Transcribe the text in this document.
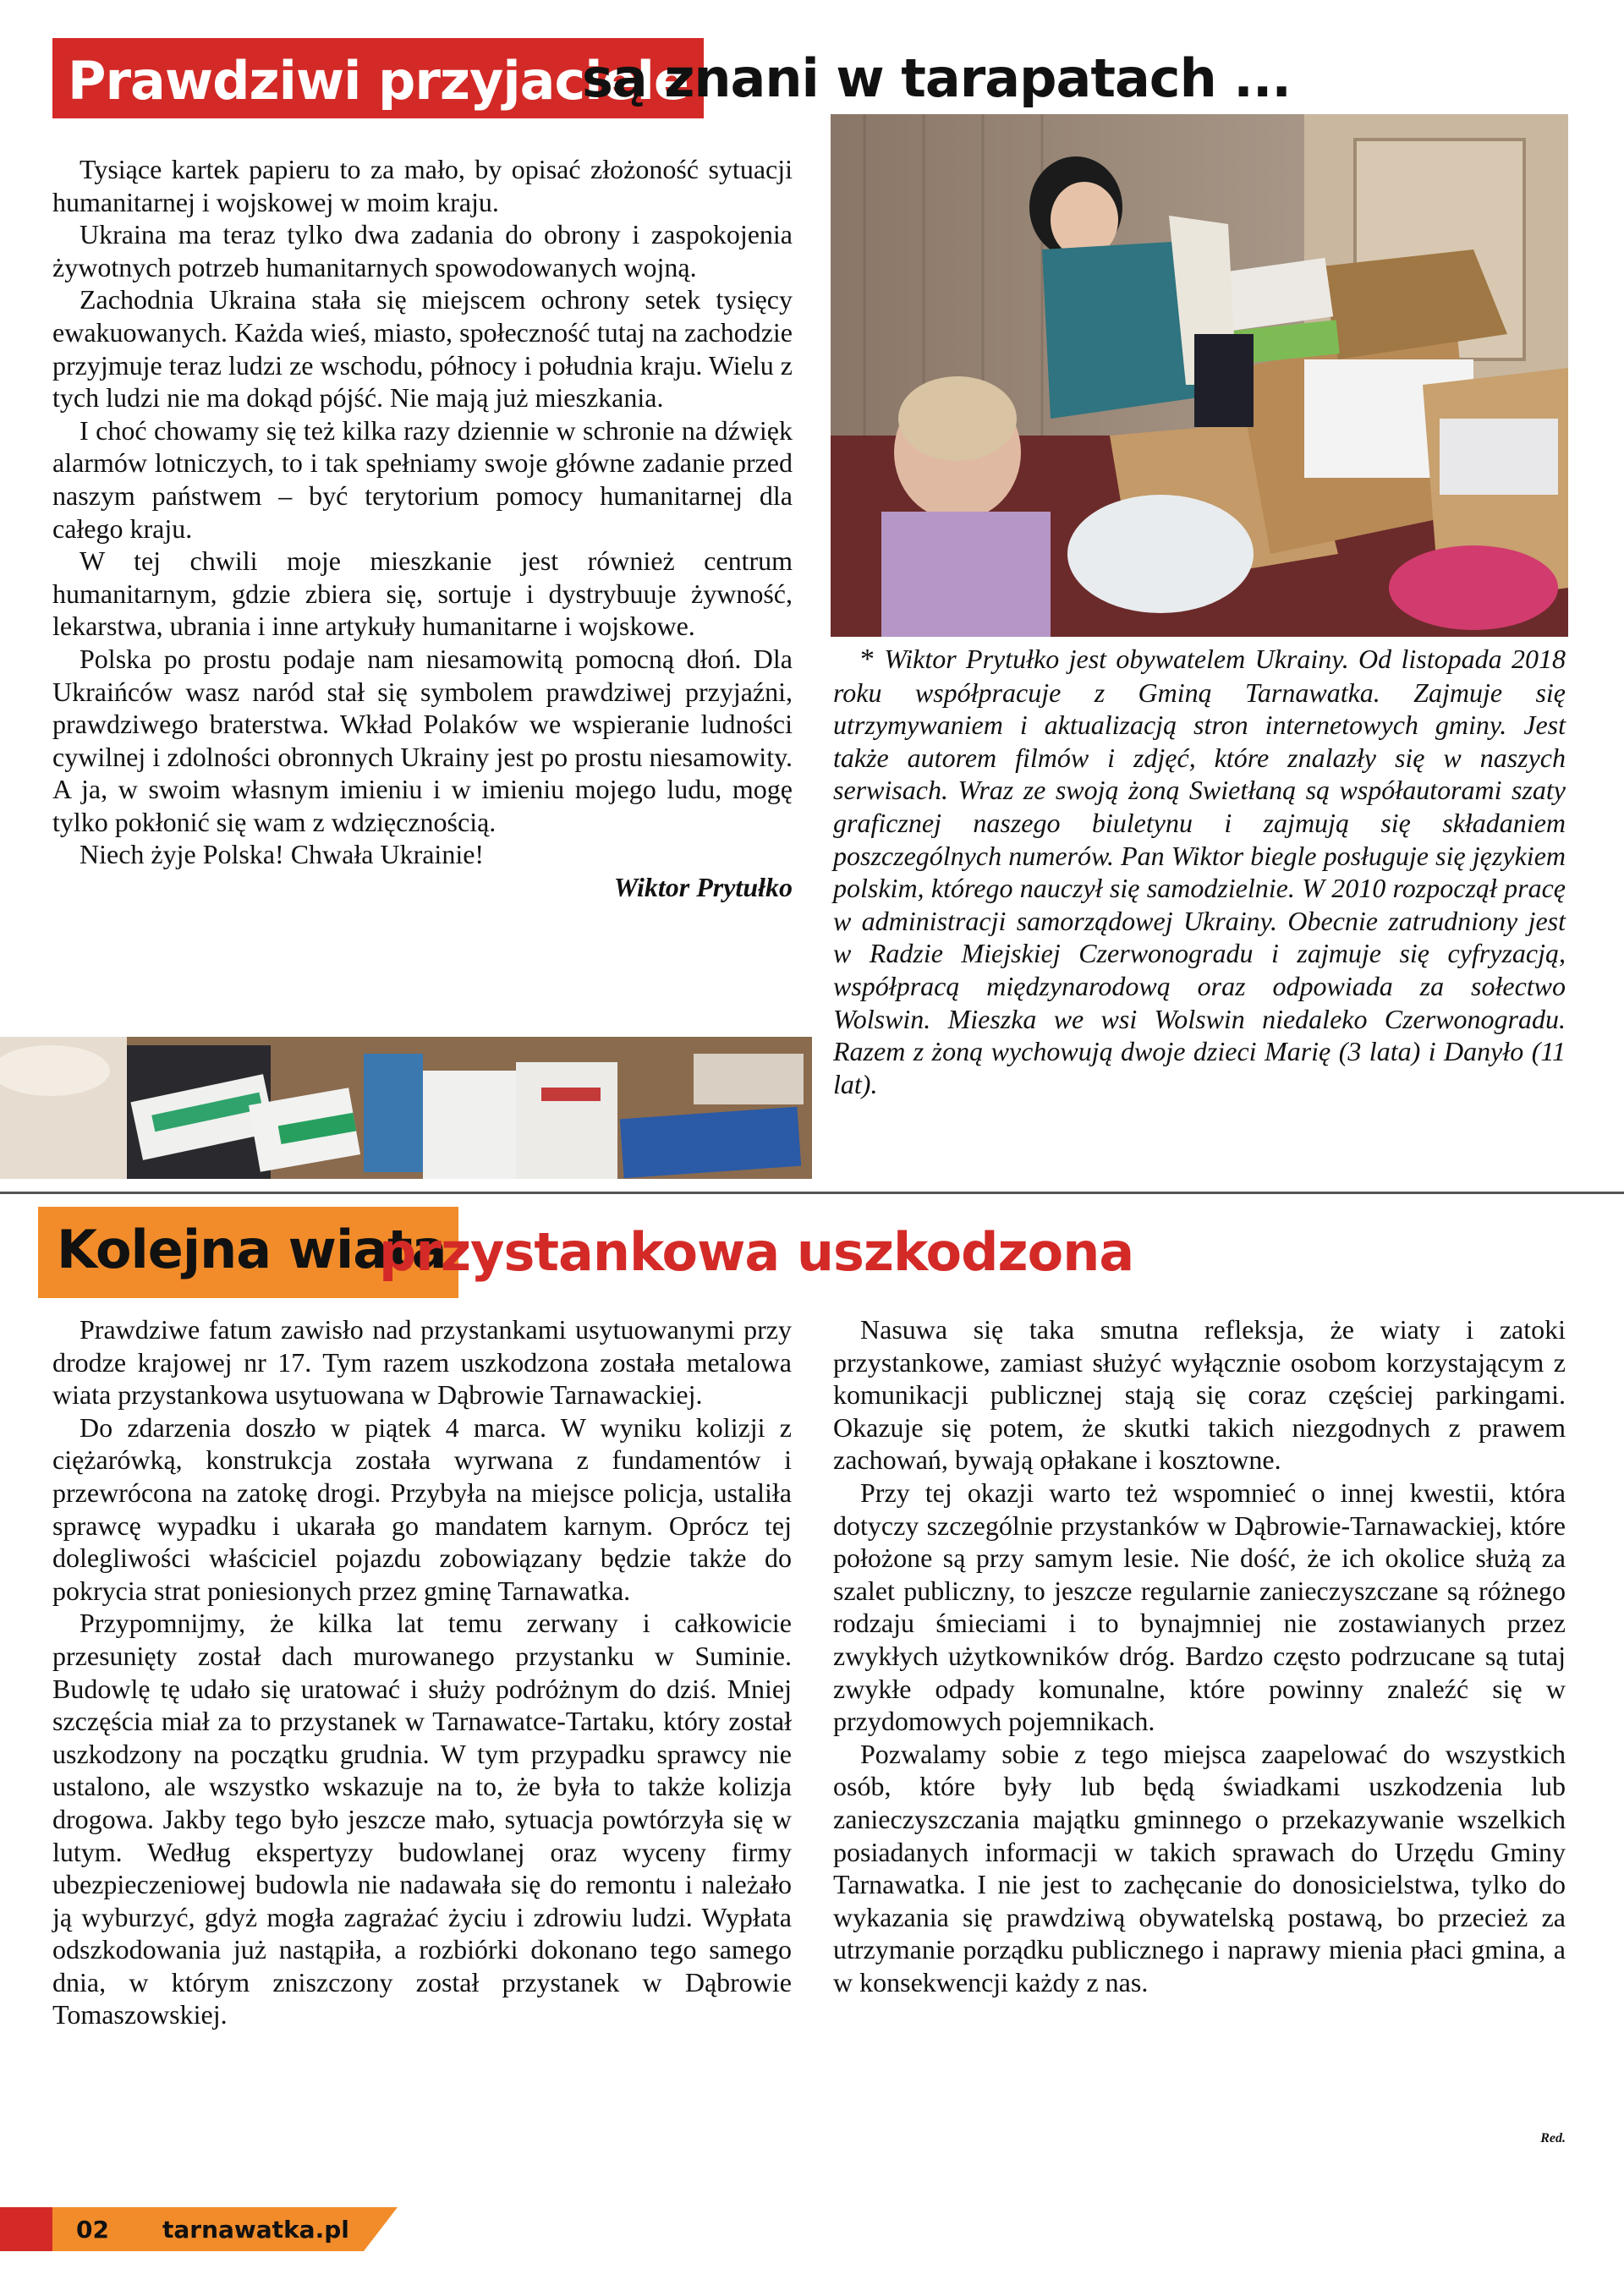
Prawdziwi przyjaciele
są znani w tarapatach ...

Tysiące kartek papieru to za mało, by opisać złożoność sytuacji humanitarnej i wojskowej w moim kraju.

Ukraina ma teraz tylko dwa zadania do obrony i zaspokojenia żywotnych potrzeb humanitarnych spowodowanych wojną.

Zachodnia Ukraina stała się miejscem ochrony setek tysięcy ewakuowanych. Każda wieś, miasto, społeczność tutaj na zachodzie przyjmuje teraz ludzi ze wschodu, północy i południa kraju. Wielu z tych ludzi nie ma dokąd pójść. Nie mają już mieszkania.

I choć chowamy się też kilka razy dziennie w schronie na dźwięk alarmów lotniczych, to i tak spełniamy swoje główne zadanie przed naszym państwem – być terytorium pomocy humanitarnej dla całego kraju.

W tej chwili moje mieszkanie jest również centrum humanitarnym, gdzie zbiera się, sortuje i dystrybuuje żywność, lekarstwa, ubrania i inne artykuły humanitarne i wojskowe.

Polska po prostu podaje nam niesamowitą pomocną dłoń. Dla Ukraińców wasz naród stał się symbolem prawdziwej przyjaźni, prawdziwego braterstwa. Wkład Polaków we wspieranie ludności cywilnej i zdolności obronnych Ukrainy jest po prostu niesamowity. A ja, w swoim własnym imieniu i w imieniu mojego ludu, mogę tylko pokłonić się wam z wdzięcznością.

Niech żyje Polska! Chwała Ukrainie!

Wiktor Prytułko

* Wiktor Prytułko jest obywatelem Ukrainy. Od listopada 2018 roku współpracuje z Gminą Tarnawatka. Zajmuje się utrzymywaniem i aktualizacją stron internetowych gminy. Jest także autorem filmów i zdjęć, które znalazły się w naszych serwisach. Wraz ze swoją żoną Swietłaną są współautorami szaty graficznej naszego biuletynu i zajmują się składaniem poszczególnych numerów. Pan Wiktor biegle posługuje się językiem polskim, którego nauczył się samodzielnie. W 2010 rozpoczął pracę w administracji samorządowej Ukrainy. Obecnie zatrudniony jest w Radzie Miejskiej Czerwonogradu i zajmuje się cyfryzacją, współpracą międzynarodową oraz odpowiada za sołectwo Wolswin. Mieszka we wsi Wolswin niedaleko Czerwonogradu. Razem z żoną wychowują dwoje dzieci Marię (3 lata) i Danyło (11 lat).

Kolejna wiata
przystankowa uszkodzona

Prawdziwe fatum zawisło nad przystankami usytuowanymi przy drodze krajowej nr 17. Tym razem uszkodzona została metalowa wiata przystankowa usytuowana w Dąbrowie Tarnawackiej.

Do zdarzenia doszło w piątek 4 marca. W wyniku kolizji z ciężarówką, konstrukcja została wyrwana z fundamentów i przewrócona na zatokę drogi. Przybyła na miejsce policja, ustaliła sprawcę wypadku i ukarała go mandatem karnym. Oprócz tej dolegliwości właściciel pojazdu zobowiązany będzie także do pokrycia strat poniesionych przez gminę Tarnawatka.

Przypomnijmy, że kilka lat temu zerwany i całkowicie przesunięty został dach murowanego przystanku w Suminie. Budowlę tę udało się uratować i służy podróżnym do dziś. Mniej szczęścia miał za to przystanek w Tarnawatce-Tartaku, który został uszkodzony na początku grudnia. W tym przypadku sprawcy nie ustalono, ale wszystko wskazuje na to, że była to także kolizja drogowa. Jakby tego było jeszcze mało, sytuacja powtórzyła się w lutym. Według ekspertyzy budowlanej oraz wyceny firmy ubezpieczeniowej budowla nie nadawała się do remontu i należało ją wyburzyć, gdyż mogła zagrażać życiu i zdrowiu ludzi. Wypłata odszkodowania już nastąpiła, a rozbiórki dokonano tego samego dnia, w którym zniszczony został przystanek w Dąbrowie Tomaszowskiej.

Nasuwa się taka smutna refleksja, że wiaty i zatoki przystankowe, zamiast służyć wyłącznie osobom korzystającym z komunikacji publicznej stają się coraz częściej parkingami. Okazuje się potem, że skutki takich niezgodnych z prawem zachowań, bywają opłakane i kosztowne.

Przy tej okazji warto też wspomnieć o innej kwestii, która dotyczy szczególnie przystanków w Dąbrowie-Tarnawackiej, które położone są przy samym lesie. Nie dość, że ich okolice służą za szalet publiczny, to jeszcze regularnie zanieczyszczane są różnego rodzaju śmieciami i to bynajmniej nie zostawianych przez zwykłych użytkowników dróg. Bardzo często podrzucane są tutaj zwykłe odpady komunalne, które powinny znaleźć się w przydomowych pojemnikach.

Pozwalamy sobie z tego miejsca zaapelować do wszystkich osób, które były lub będą świadkami uszkodzenia lub zanieczyszczania majątku gminnego o przekazywanie wszelkich posiadanych informacji w takich sprawach do Urzędu Gminy Tarnawatka. I nie jest to zachęcanie do donosicielstwa, tylko do wykazania się prawdziwą obywatelską postawą, bo przecież za utrzymanie porządku publicznego i naprawy mienia płaci gmina, a w konsekwencji każdy z nas.

Red.
02 tarnawatka.pl
